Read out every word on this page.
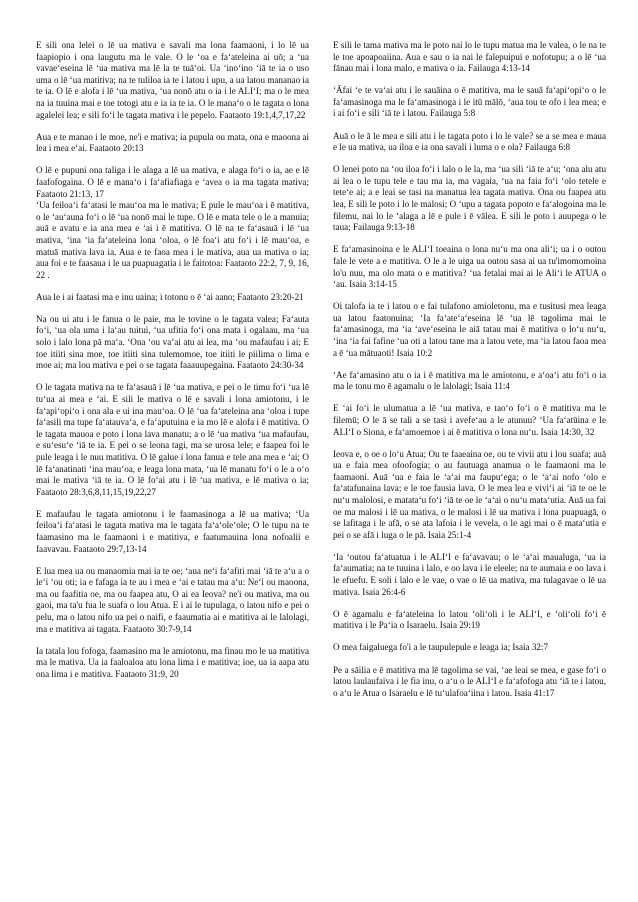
E sili ona lelei o lē ua mativa e savali ma lona faamaoni, i lo lē ua faapiopio i ona laugutu ma le vale. O le ʻoa e faʻateleina ai uō; a ʻua vavaeʻeseina lē ʻua mativa ma lē la te tuāʻoi. Ua ʻinoʻino ʻiā te ia o uso uma o lē ʻua matitiva; na te tuliloa ia te i latou i upu, a ua latou mananao ia te ia. O lē e alofa i lē ʻua mativa, ʻua nonō atu o ia i le ALIʻI; ma o le mea na ia tuuina mai e toe totogi atu e ia ia te ia. O le manaʻo o le tagata o lona agalelei lea; e sili foʻi le tagata mativa i le pepelo. Faataoto 19:1,4,7,17,22

Aua e te manao i le moe, ne'i e mativa; ia pupula ou mata, ona e maoona ai lea i mea eʻai. Faataoto 20:13

O lē e pupuni ona taliga i le alaga a lē ua mativa, e alaga foʻi o ia, ae e lē faafofogaina. O lē e manaʻo i faʻafiafiaga e ʻavea o ia ma tagata mativa; Faataoto 21:13, 17
ʻUa feiloaʻi faʻatasi le mauʻoa ma le mativa; E pule le mauʻoa i ē matitiva, o le ʻauʻauna foʻi o lē ʻua nonō mai le tupe. O lē e mata tele o le a manuia; auā e avatu e ia ana mea e ʻai i ē matitiva. O lē na te faʻasauā i lē ʻua mativa, ʻina ʻia faʻateleina lona ʻoloa, o lē foaʻi atu foʻi i lē mauʻoa, e matuā mativa lava ia. Aua e te faoa mea i le mativa, aua ua mativa o ia; aua foi e te faasaua i le ua puapuagatia i le faitotoa: Faataoto 22:2, 7, 9, 16, 22 .

Aua le i ai faatasi ma e inu uaina; i totonu o ē ʻai aano; Faataoto 23:20-21

Na ou ui atu i le fanua o le paie, ma le tovine o le tagata valea; Faʻauta foʻi, ʻua ola uma i laʻau tuitui, ʻua ufitia foʻi ona mata i ogalaau, ma ʻua solo i lalo lona pā maʻa. ʻOna ʻou vaʻai atu ai lea, ma ʻou mafaufau i ai; E toe itiiti sina moe, toe itiiti sina tulemomoe, toe itiiti le piilima o lima e moe ai; ma lou mativa e pei o se tagata faaauupegaina. Faataoto 24:30-34

O le tagata mativa na te faʻasauā i lē ʻua mativa, e pei o le timu foʻi ʻua lē tuʻua ai mea e ʻai. E sili le mativa o lē e savali i lona amiotonu, i le faʻapiʻopiʻo i ona ala e ui ina mauʻoa. O lē ʻua faʻateleina ana ʻoloa i tupe faʻasili ma tupe faʻatauvaʻa, e faʻaputuina e ia mo lē e alofa i ē matitiva. O le tagata mauoa e poto i lona lava manatu; a o lē ʻua mativa ʻua mafaufau, e suʻesuʻe ʻiā te ia. E pei o se leona tagi, ma se urosa lele; e faapea foi le pule leaga i le nuu matitiva. O lē galue i lona fanua e tele ana mea e ʻai; O lē faʻanatinati ʻina mauʻoa, e leaga lona mata, ʻua lē manatu foʻi o le a oʻo mai le mativa ʻiā te ia. O lē foʻai atu i lē ʻua mativa, e lē mativa o ia; Faataoto 28:3,6,8,11,15,19,22,27

E mafaufau le tagata amiotonu i le faamasinoga a lē ua mativa; ʻUa feiloaʻi faʻatasi le tagata mativa ma le tagata faʻaʻoleʻole; O le tupu na te faamasino ma le faamaoni i e matitiva, e faatumauina lona nofoalii e faavavau. Faataoto 29:7,13-14

E lua mea ua ou manaomia mai ia te oe; ʻaua neʻi faʻafiti mai ʻiā te aʻu a o leʻi ʻou oti; ia e fafaga ia te au i mea e ʻai e tatau ma aʻu: Neʻi ou maoona, ma ou faafitia oe, ma ou faapea atu, O ai ea Ieova? ne'i ou mativa, ma ou gaoi, ma ta'u fua le suafa o lou Atua. E i ai le tupulaga, o latou nifo e pei o pelu, ma o latou nifo ua pei o naifi, e faaumatia ai e matitiva ai le lalolagi, ma e matitiva ai tagata. Faataoto 30:7-9,14

Ia tatala lou fofoga, faamasino ma le amiotonu, ma finau mo le ua matitiva ma le mativa. Ua ia faaloaloa atu lona lima i e matitiva; ioe, ua ia aapa atu ona lima i e matitiva. Faataoto 31:9, 20

E sili le tama mativa ma le poto nai lo le tupu matua ma le valea, o le na te le toe apoapoaiina. Aua e sau o ia nai le falepuipui e nofotupu; a o lē ʻua fānau mai i lona malo, e mativa o ia. Failauga 4:13-14

ʻĀfai ʻe te vaʻai atu i le sauāina o ē matitiva, ma le sauā faʻapiʻopiʻo o le faʻamasinoga ma le faʻamasinoga i le itū mālō, ʻaua tou te ofo i lea mea; e i ai foʻi e sili ʻiā te i latou. Failauga 5:8

Auā o le ā le mea e sili atu i le tagata poto i lo le vale? se a se mea e maua e le ua mativa, ua iloa e ia ona savali i luma o e ola? Failauga 6:8

O lenei poto na ʻou iloa foʻi i lalo o le la, ma ʻua sili ʻiā te aʻu; ʻona alu atu ai lea o le tupu tele e tau ma ia, ma vagaia, ʻua na faia foʻi ʻolo tetele e teteʻe ai; a e leai se tasi na manatua lea tagata mativa. Ona ou faapea atu lea, E sili le poto i lo le malosi; O ʻupu a tagata popoto e faʻalogoina ma le filemu, nai lo le ʻalaga a lē e pule i ē vālea. E sili le poto i auupega o le taua; Failauga 9:13-18

E faʻamasinoina e le ALIʻI toeaina o lona nuʻu ma ona aliʻi; ua i o outou fale le vete a e matitiva. O le a le uiga ua outou sasa ai ua tu'imomomoina lo'u nuu, ma olo mata o e matitiva? ʻua fetalai mai ai le Aliʻi le ATUA o ʻau. Isaia 3:14-15

Oi talofa ia te i latou o e fai tulafono amioletonu, ma e tusitusi mea leaga ua latou faatonuina; ʻIa faʻateʻaʻeseina lē ʻua lē tagolima mai le faʻamasinoga, ma ʻia ʻaveʻeseina le aiā tatau mai ē matitiva o loʻu nuʻu, ʻina ʻia fai fafine ʻua oti a latou tane ma a latou vete, ma ʻia latou faoa mea a ē ʻua mātuaoti! Isaia 10:2

ʻAe faʻamasino atu o ia i ē matitiva ma le amiotonu, e aʻoaʻi atu foʻi o ia ma le tonu mo ē agamalu o le lalolagi; Isaia 11:4

E ʻai foʻi le ulumatua a lē ʻua mativa, e taoʻo foʻi o ē matitiva ma le filemū; O le ā se tali a se tasi i avefeʻau a le atunuu? ʻUa faʻatūina e le ALIʻI o Siona, e faʻamoemoe i ai ē matitiva o lona nuʻu. Isaia 14:30, 32

Ieova e, o oe o loʻu Atua; Ou te faaeaina oe, ou te vivii atu i lou suafa; auā ua e faia mea ofoofogia; o au fautuaga anamua o le faamaoni ma le faamaoni. Auā ʻua e faia le ʻaʻai ma faupuʻega; o le ʻaʻai nofo ʻolo e faʻatafunaina lava; e le toe fausia lava. O le mea lea e viviʻi ai ʻiā te oe le nuʻu malolosi, e matataʻu foʻi ʻiā te oe le ʻaʻai o nuʻu mataʻutia. Auā ua fai oe ma malosi i lē ua mativa, o le malosi i lē ua mativa i lona puapuagā, o se lafitaga i le afā, o se ata lafoia i le vevela, o le agi mai o ē mataʻutia e pei o se afā i luga o le pā. Isaia 25:1-4

ʻIa ʻoutou faʻatuatua i le ALIʻI e faʻavavau; o le ʻaʻai maualuga, ʻua ia faʻaumatia; na te tuuina i lalo, e oo lava i le eleele; na te aumaia e oo lava i le efuefu. E soli i lalo e le vae, o vae o lē ua mativa, ma tulagavae o lē ua mativa. Isaia 26:4-6

O ē agamalu e faʻateleina lo latou ʻoliʻoli i le ALIʻI, e ʻoliʻoli foʻi ē matitiva i le Paʻia o Isaraelu. Isaia 29:19

O mea faigaluega fo'i a le taupulepule e leaga ia; Isaia 32:7

Pe a sāilia e ē matitiva ma lē tagolima se vai, ʻae leai se mea, e gase foʻi o latou laulaufaiva i le fia inu, o aʻu o le ALIʻI e faʻafofoga atu ʻiā te i latou, o aʻu le Atua o Isaraelu e lē tuʻulafoaʻiina i latou. Isaia 41:17
